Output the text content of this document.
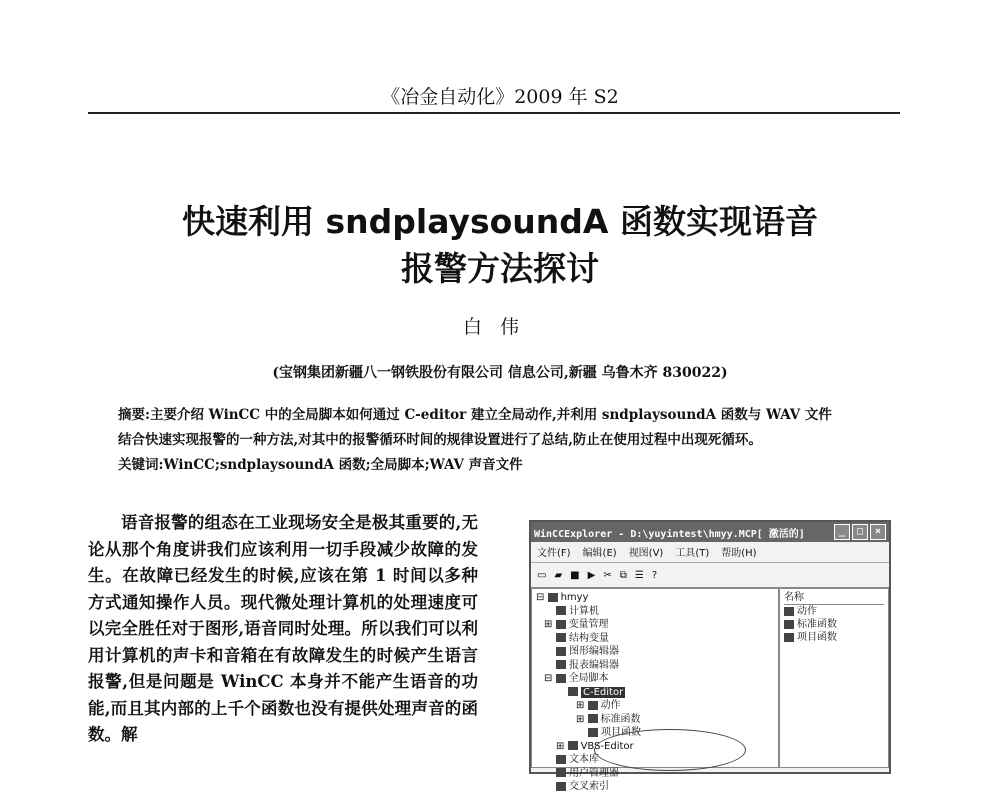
《冶金自动化》2009 年 S2
快速利用 sndplaysoundA 函数实现语音
报警方法探讨
白伟
(宝钢集团新疆八一钢铁股份有限公司 信息公司,新疆 乌鲁木齐 830022)
摘要:主要介绍 WinCC 中的全局脚本如何通过 C-editor 建立全局动作,并利用 sndplaysoundA 函数与 WAV 文件
结合快速实现报警的一种方法,对其中的报警循环时间的规律设置进行了总结,防止在使用过程中出现死循环。
关键词:WinCC;sndplaysoundA 函数;全局脚本;WAV 声音文件

语音报警的组态在工业现场安全是极其重要的,无论从那个角度讲我们应该利用一切手段减少故障的发生。在故障已经发生的时候,应该在第 1 时间以多种方式通知操作人员。现代微处理计算机的处理速度可以完全胜任对于图形,语音同时处理。所以我们可以利用计算机的声卡和音箱在有故障发生的时候产生语言报警,但是问题是 WinCC 本身并不能产生语音的功能,而且其内部的上千个函数也没有提供处理声音的函数。解

WinCCExplorer - D:\yuyintest\hmyy.MCP[ 激活的]	_	□	×
文件(F) 编辑(E) 视图(V) 工具(T) 帮助(H)
▭ ▰ ■ ▶ ✂ ⧉ ☰ ?
⊟ hmyy
计算机
⊞ 变量管理
结构变量
图形编辑器
报表编辑器
⊟ 全局脚本
C-Editor
⊞ 动作
⊞ 标准函数
项目函数
⊞ VBS-Editor
文本库
用户管理器
交叉索引
名称
动作
标准函数
项目函数
